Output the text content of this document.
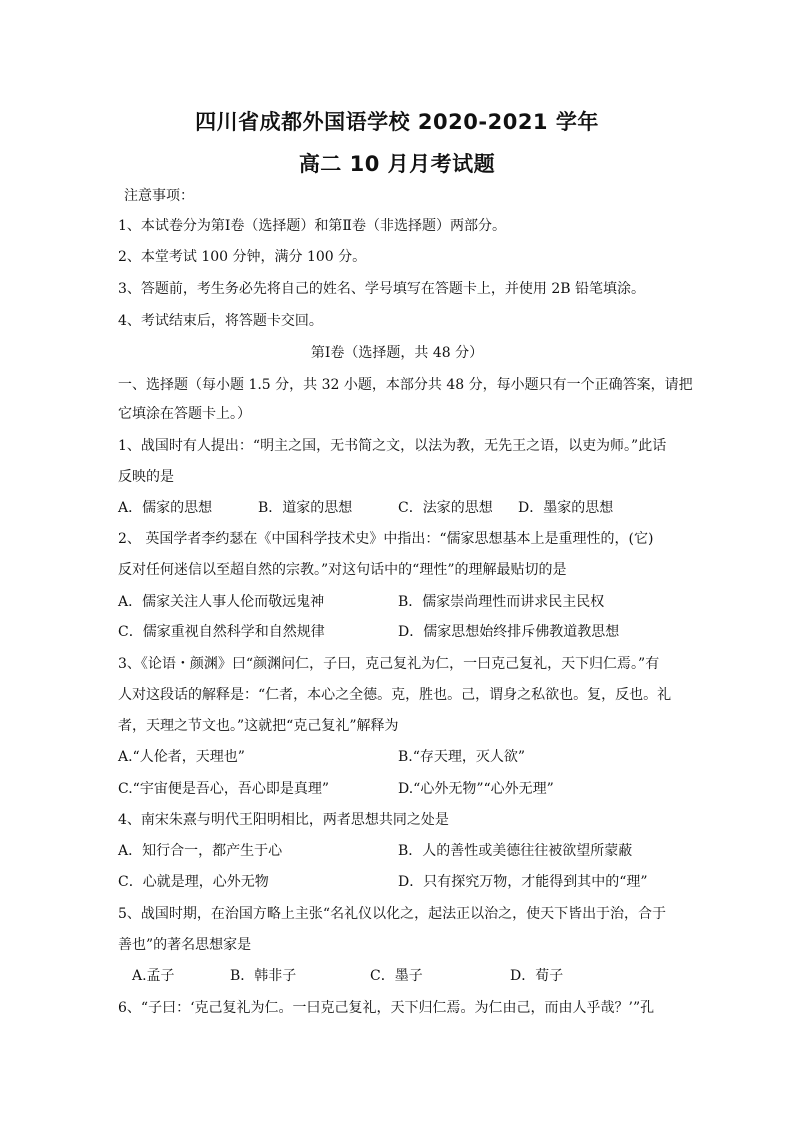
四川省成都外国语学校 2020-2021 学年
高二 10 月月考试题
注意事项：
1、本试卷分为第Ⅰ卷（选择题）和第Ⅱ卷（非选择题）两部分。
2、本堂考试 100 分钟，满分 100 分。
3、答题前，考生务必先将自己的姓名、学号填写在答题卡上，并使用 2B 铅笔填涂。
4、考试结束后，将答题卡交回。
第Ⅰ卷（选择题，共 48 分）
一、选择题（每小题 1.5 分，共 32 小题，本部分共 48 分，每小题只有一个正确答案，请把
它填涂在答题卡上。）
1、战国时有人提出：“明主之国，无书简之文，以法为教，无先王之语，以吏为师。”此话
反映的是
A．儒家的思想	B．道家的思想	C．法家的思想 D．墨家的思想
2、 英国学者李约瑟在《中国科学技术史》中指出：“儒家思想基本上是重理性的，(它)
反对任何迷信以至超自然的宗教。”对这句话中的“理性”的理解最贴切的是
A．儒家关注人事人伦而敬远鬼神	B．儒家崇尚理性而讲求民主民权
C．儒家重视自然科学和自然规律	D．儒家思想始终排斥佛教道教思想
3、《论语・颜渊》曰“颜渊问仁，子曰，克己复礼为仁，一曰克己复礼，天下归仁焉。”有
人对这段话的解释是：“仁者，本心之全德。克，胜也。己，谓身之私欲也。复，反也。礼
者，天理之节文也。”这就把“克己复礼”解释为
A.“人伦者，天理也”	B.“存天理，灭人欲”
C.“宇宙便是吾心，吾心即是真理”	D.“心外无物”“心外无理”
4、南宋朱熹与明代王阳明相比，两者思想共同之处是
A．知行合一，都产生于心	B．人的善性或美德往往被欲望所蒙蔽
C．心就是理，心外无物	D．只有探究万物，才能得到其中的“理”
5、战国时期，在治国方略上主张“名礼仪以化之，起法正以治之，使天下皆出于治，合于
善也”的著名思想家是
A.孟子	B．韩非子	C．墨子	D．荀子
6、“子曰：‘克己复礼为仁。一曰克己复礼，天下归仁焉。为仁由己，而由人乎哉？’”孔
